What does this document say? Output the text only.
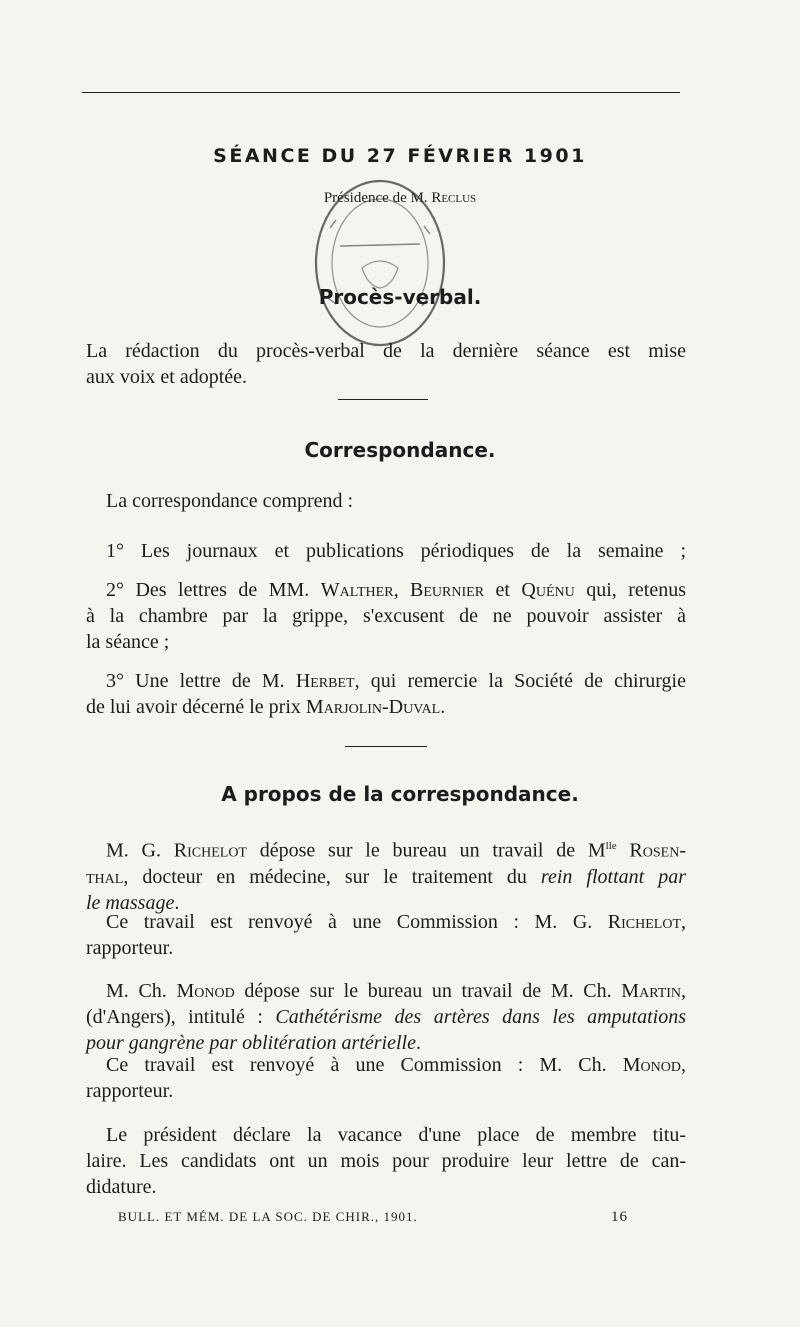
SÉANCE DU 27 FÉVRIER 1901
Présidence de M. Reclus
Procès-verbal.
La rédaction du procès-verbal de la dernière séance est mise
aux voix et adoptée.
Correspondance.
La correspondance comprend :
1° Les journaux et publications périodiques de la semaine ;
2° Des lettres de MM. Walther, Beurnier et Quénu qui, retenus
à la chambre par la grippe, s'excusent de ne pouvoir assister à
la séance ;
3° Une lettre de M. Herbet, qui remercie la Société de chirurgie
de lui avoir décerné le prix Marjolin-Duval.
A propos de la correspondance.
M. G. Richelot dépose sur le bureau un travail de $M^{lle}$ Rosen-
thal, docteur en médecine, sur le traitement du rein flottant par
le massage.
Ce travail est renvoyé à une Commission : M. G. Richelot,
rapporteur.
M. Ch. Monod dépose sur le bureau un travail de M. Ch. Martin,
(d'Angers), intitulé : Cathétérisme des artères dans les amputations
pour gangrène par oblitération artérielle.
Ce travail est renvoyé à une Commission : M. Ch. Monod,
rapporteur.
Le président déclare la vacance d'une place de membre titu-
laire. Les candidats ont un mois pour produire leur lettre de can-
didature.
BULL. ET MÉM. DE LA SOC. DE CHIR., 1901.	16
